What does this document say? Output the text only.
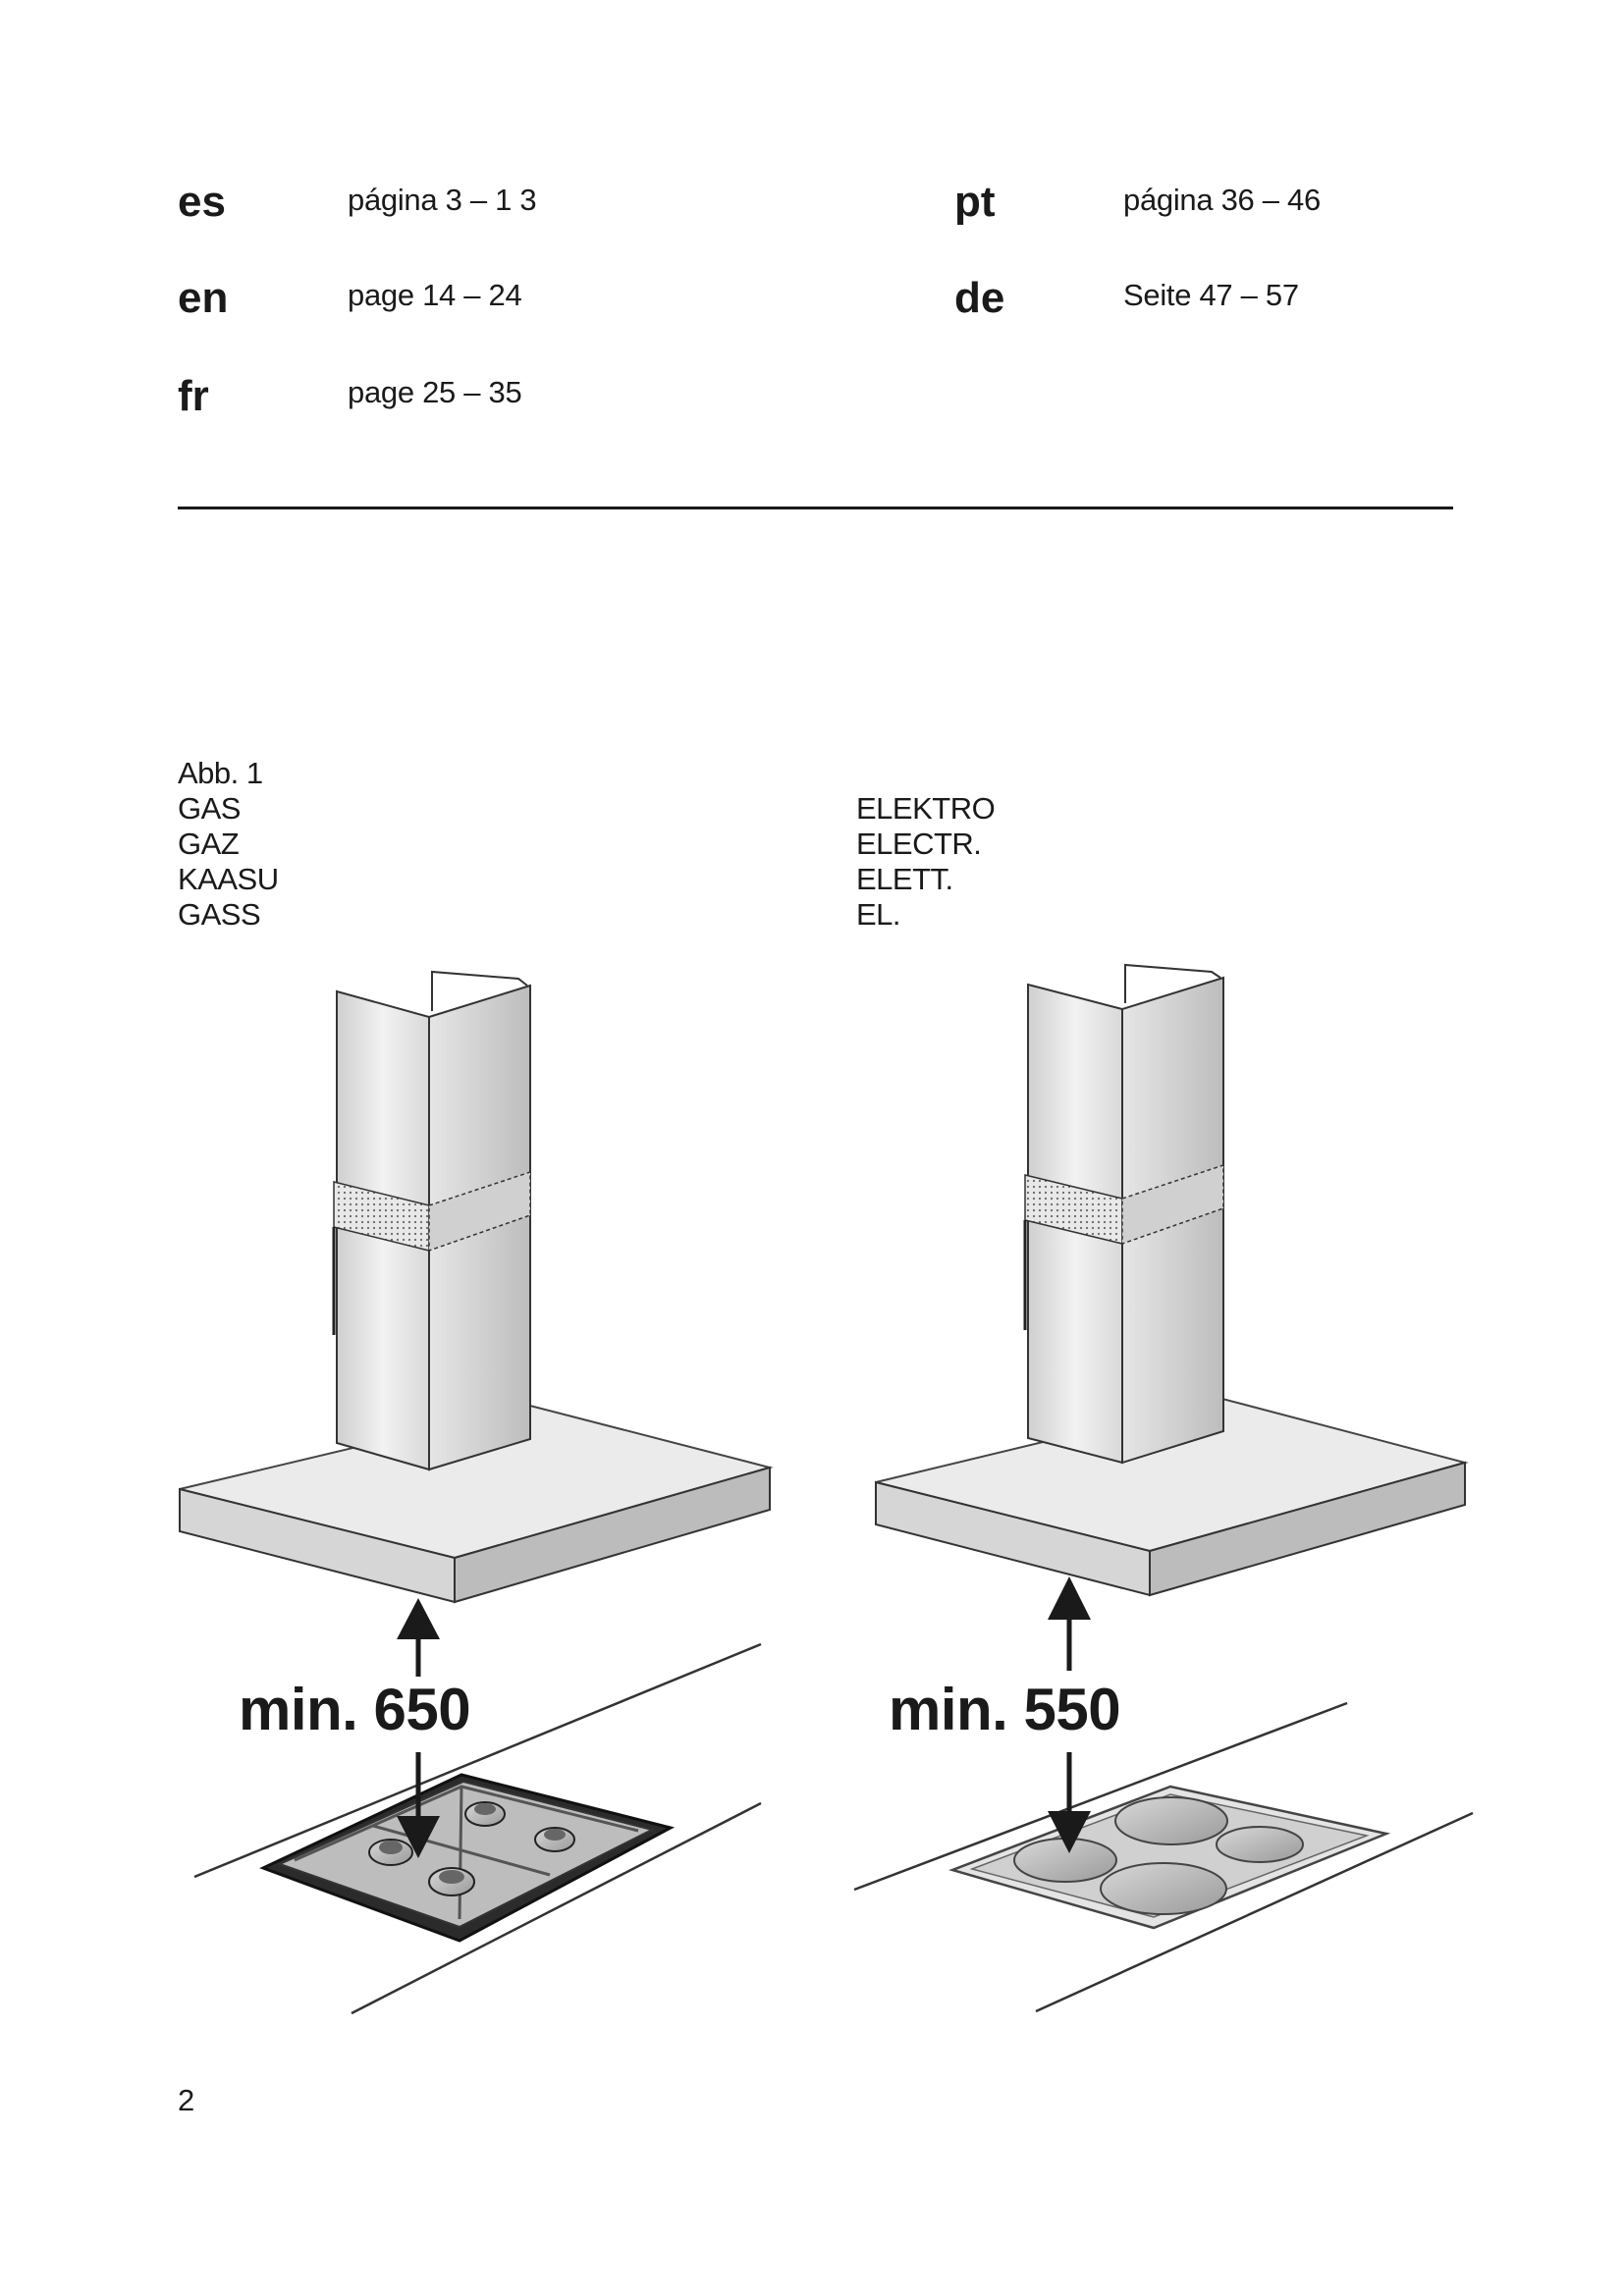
es	página 3 – 1 3
en	page 14 – 24
fr	page 25 – 35
pt	página 36 – 46
de	Seite 47 – 57
Abb. 1
GAS
GAZ
KAASU
GASS
ELEKTRO
ELECTR.
ELETT.
EL.
min. 650	min. 550
2
